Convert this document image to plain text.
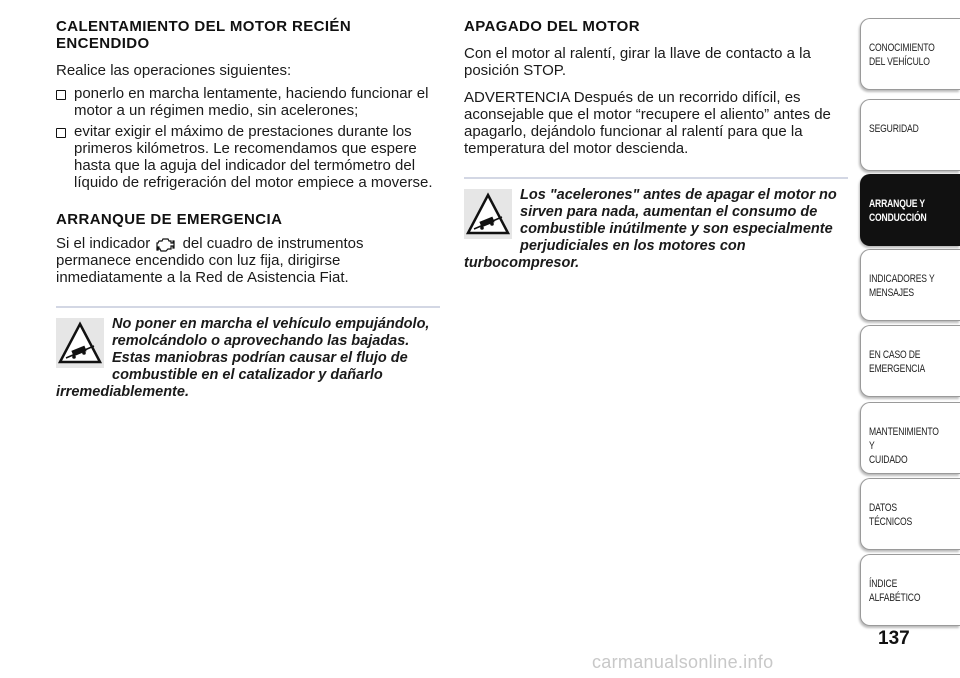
CALENTAMIENTO DEL MOTOR RECIÉN
ENCENDIDO

Realice las operaciones siguientes:

ponerlo en marcha lentamente, haciendo funcionar el motor a un régimen medio, sin acelerones;
evitar exigir el máximo de prestaciones durante los primeros kilómetros. Le recomendamos que espere hasta que la aguja del indicador del termómetro del líquido de refrigeración del motor empiece a moverse.
ARRANQUE DE EMERGENCIA

Si el indicador del cuadro de instrumentos permanece encendido con luz fija, dirigirse inmediatamente a la Red de Asistencia Fiat.

No poner en marcha el vehículo empujándolo, remolcándolo o aprovechando las bajadas. Estas maniobras podrían causar el flujo de combustible en el catalizador y dañarlo irremediablemente.
APAGADO DEL MOTOR

Con el motor al ralentí, girar la llave de contacto a la posición STOP.

ADVERTENCIA Después de un recorrido difícil, es aconsejable que el motor “recupere el aliento” antes de apagarlo, dejándolo funcionar al ralentí para que la temperatura del motor descienda.

Los "acelerones" antes de apagar el motor no sirven para nada, aumentan el consumo de combustible inútilmente y son especialmente perjudiciales en los motores con turbocompresor.
CONOCIMIENTO
DEL VEHÍCULO
SEGURIDAD
ARRANQUE Y
CONDUCCIÓN
INDICADORES Y
MENSAJES
EN CASO DE
EMERGENCIA
MANTENIMIENTO Y
CUIDADO
DATOS TÉCNICOS
ÍNDICE ALFABÉTICO
137
carmanualsonline.info
